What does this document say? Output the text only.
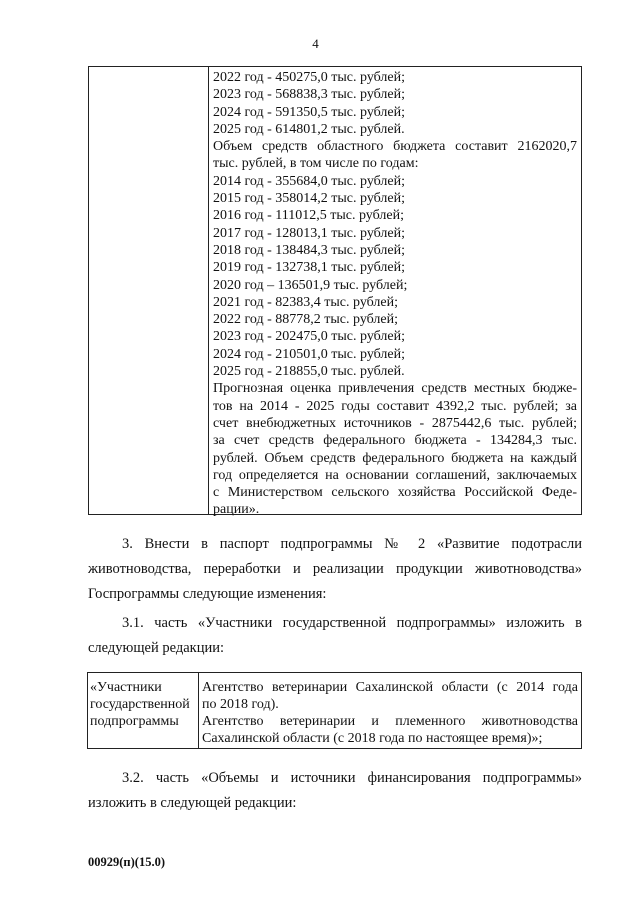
4
2022 год - 450275,0 тыс. рублей;
2023 год - 568838,3 тыс. рублей;
2024 год - 591350,5 тыс. рублей;
2025 год - 614801,2 тыс. рублей.
Объем средств областного бюджета составит 2162020,7
тыс. рублей, в том числе по годам:
2014 год - 355684,0 тыс. рублей;
2015 год - 358014,2 тыс. рублей;
2016 год - 111012,5 тыс. рублей;
2017 год - 128013,1 тыс. рублей;
2018 год - 138484,3 тыс. рублей;
2019 год - 132738,1 тыс. рублей;
2020 год – 136501,9 тыс. рублей;
2021 год - 82383,4 тыс. рублей;
2022 год - 88778,2 тыс. рублей;
2023 год - 202475,0 тыс. рублей;
2024 год - 210501,0 тыс. рублей;
2025 год - 218855,0 тыс. рублей.
Прогнозная оценка привлечения средств местных бюдже-
тов на 2014 - 2025 годы составит 4392,2 тыс. рублей; за
счет внебюджетных источников - 2875442,6 тыс. рублей;
за счет средств федерального бюджета - 134284,3 тыс.
рублей. Объем средств федерального бюджета на каждый
год определяется на основании соглашений, заключаемых
с Министерством сельского хозяйства Российской Феде-
рации».
3. Внести в паспорт подпрограммы № 2 «Развитие подотрасли
животноводства, переработки и реализации продукции животноводства»
Госпрограммы следующие изменения:
3.1. часть «Участники государственной подпрограммы» изложить в
следующей редакции:
«Участники
государственной
подпрограммы
Агентство ветеринарии Сахалинской области (с 2014 года
по 2018 год).
Агентство ветеринарии и племенного животноводства
Сахалинской области (с 2018 года по настоящее время)»;
3.2. часть «Объемы и источники финансирования подпрограммы»
изложить в следующей редакции:
00929(п)(15.0)
